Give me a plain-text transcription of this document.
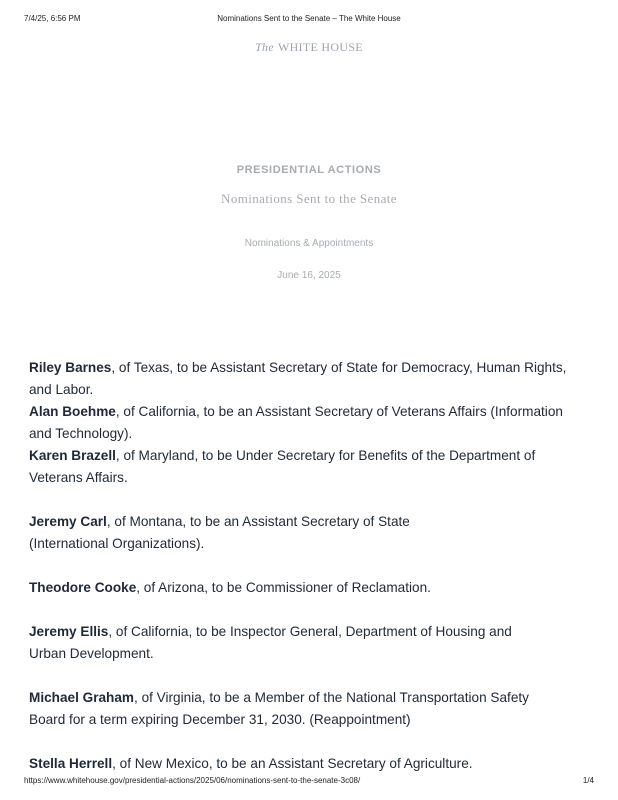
7/4/25, 6:56 PM	Nominations Sent to the Senate – The White House
The WHITE HOUSE
PRESIDENTIAL ACTIONS
Nominations Sent to the Senate
Nominations & Appointments
June 16, 2025

Riley Barnes, of Texas, to be Assistant Secretary of State for Democracy, Human Rights,
and Labor.

Alan Boehme, of California, to be an Assistant Secretary of Veterans Affairs (Information
and Technology).

Karen Brazell, of Maryland, to be Under Secretary for Benefits of the Department of
Veterans Affairs.

Jeremy Carl, of Montana, to be an Assistant Secretary of State
(International Organizations).

Theodore Cooke, of Arizona, to be Commissioner of Reclamation.

Jeremy Ellis, of California, to be Inspector General, Department of Housing and
Urban Development.

Michael Graham, of Virginia, to be a Member of the National Transportation Safety
Board for a term expiring December 31, 2030. (Reappointment)

Stella Herrell, of New Mexico, to be an Assistant Secretary of Agriculture.

https://www.whitehouse.gov/presidential-actions/2025/06/nominations-sent-to-the-senate-3c08/	1/4
